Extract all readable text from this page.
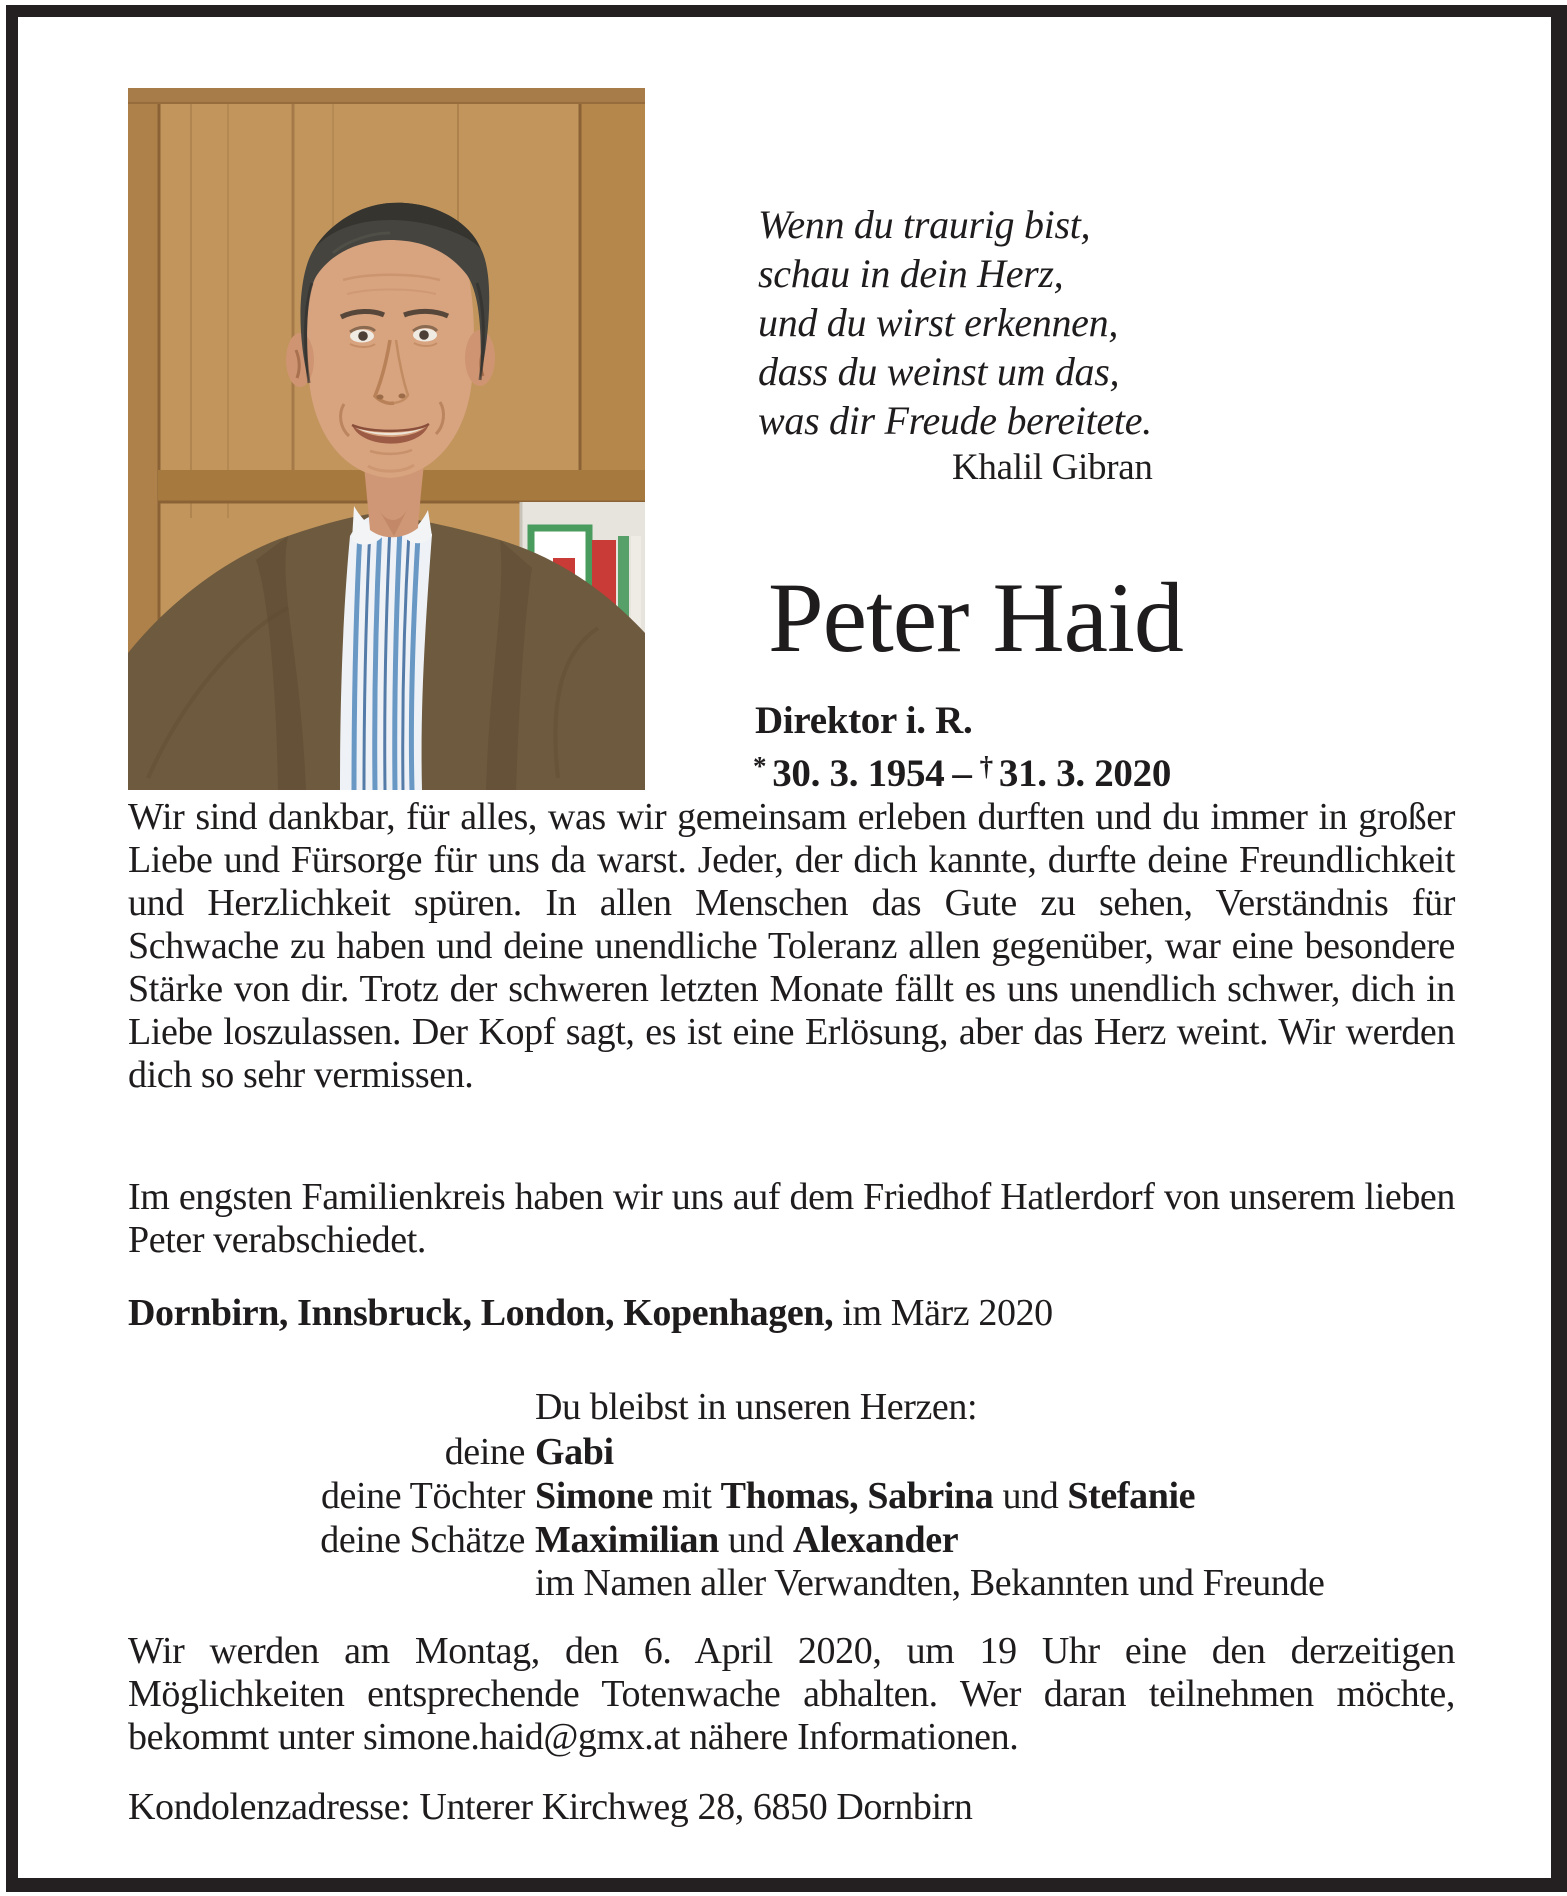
Wenn du traurig bist,
schau in dein Herz,
und du wirst erkennen,
dass du weinst um das,
was dir Freude bereitete.
Khalil Gibran
Peter Haid
Direktor i. R.
* 30. 3. 1954 – † 31. 3. 2020
Wir sind dankbar, für alles, was wir gemeinsam erleben durften und du immer in großer Liebe und Fürsorge für uns da warst. Jeder, der dich kannte, durfte deine Freundlichkeit und Herzlichkeit spüren. In allen Menschen das Gute zu sehen, Verständnis für Schwache zu haben und deine unendliche Toleranz allen gegenüber, war eine besondere Stärke von dir. Trotz der schweren letzten Monate fällt es uns unendlich schwer, dich in Liebe loszulassen. Der Kopf sagt, es ist eine Erlösung, aber das Herz weint. Wir werden dich so sehr vermissen.
Im engsten Familienkreis haben wir uns auf dem Friedhof Hatlerdorf von unserem lieben Peter verabschiedet.
Dornbirn, Innsbruck, London, Kopenhagen, im März 2020
Du bleibst in unseren Herzen:
deine Gabi
deine Töchter Simone mit Thomas, Sabrina und Stefanie
deine Schätze Maximilian und Alexander
im Namen aller Verwandten, Bekannten und Freunde
Wir werden am Montag, den 6. April 2020, um 19 Uhr eine den derzeitigen Möglichkeiten entsprechende Totenwache abhalten. Wer daran teilnehmen möchte, bekommt unter simone.haid@gmx.at nähere Informationen.
Kondolenzadresse: Unterer Kirchweg 28, 6850 Dornbirn
